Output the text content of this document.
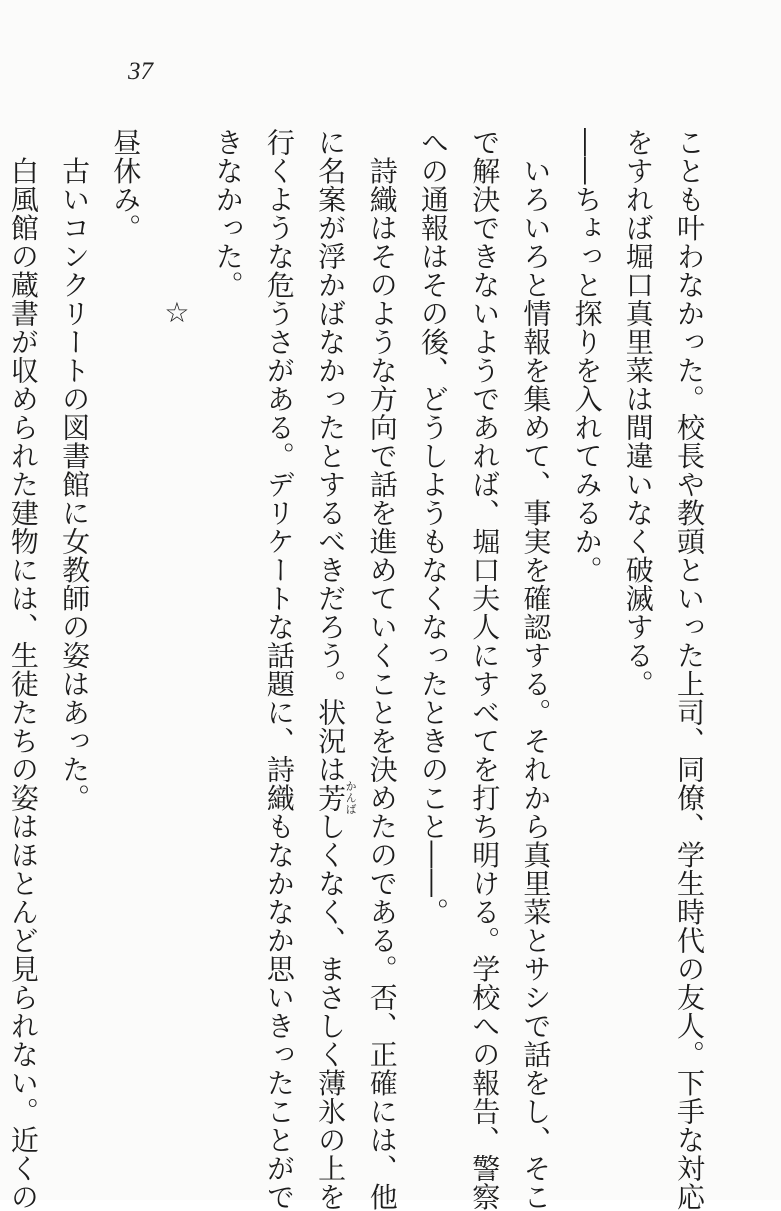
37
ことも叶わなかった。校長や教頭といった上司、同僚、学生時代の友人。下手な対応
をすれば堀口真里菜は間違いなく破滅する。
――ちょっと探りを入れてみるか。
　いろいろと情報を集めて、事実を確認する。それから真里菜とサシで話をし、そこ
で解決できないようであれば、堀口夫人にすべてを打ち明ける。学校への報告、警察
への通報はその後、どうしようもなくなったときのこと――。
　詩織はそのような方向で話を進めていくことを決めたのである。否、正確には、他
に名案が浮かばなかったとするべきだろう。状況は芳かんばしくなく、まさしく薄氷の上を
行くような危うさがある。デリケートな話題に、詩織もなかなか思いきったことがで
きなかった。
☆
昼休み。
　古いコンクリートの図書館に女教師の姿はあった。
　白風館の蔵書が収められた建物には、生徒たちの姿はほとんど見られない。近くの
